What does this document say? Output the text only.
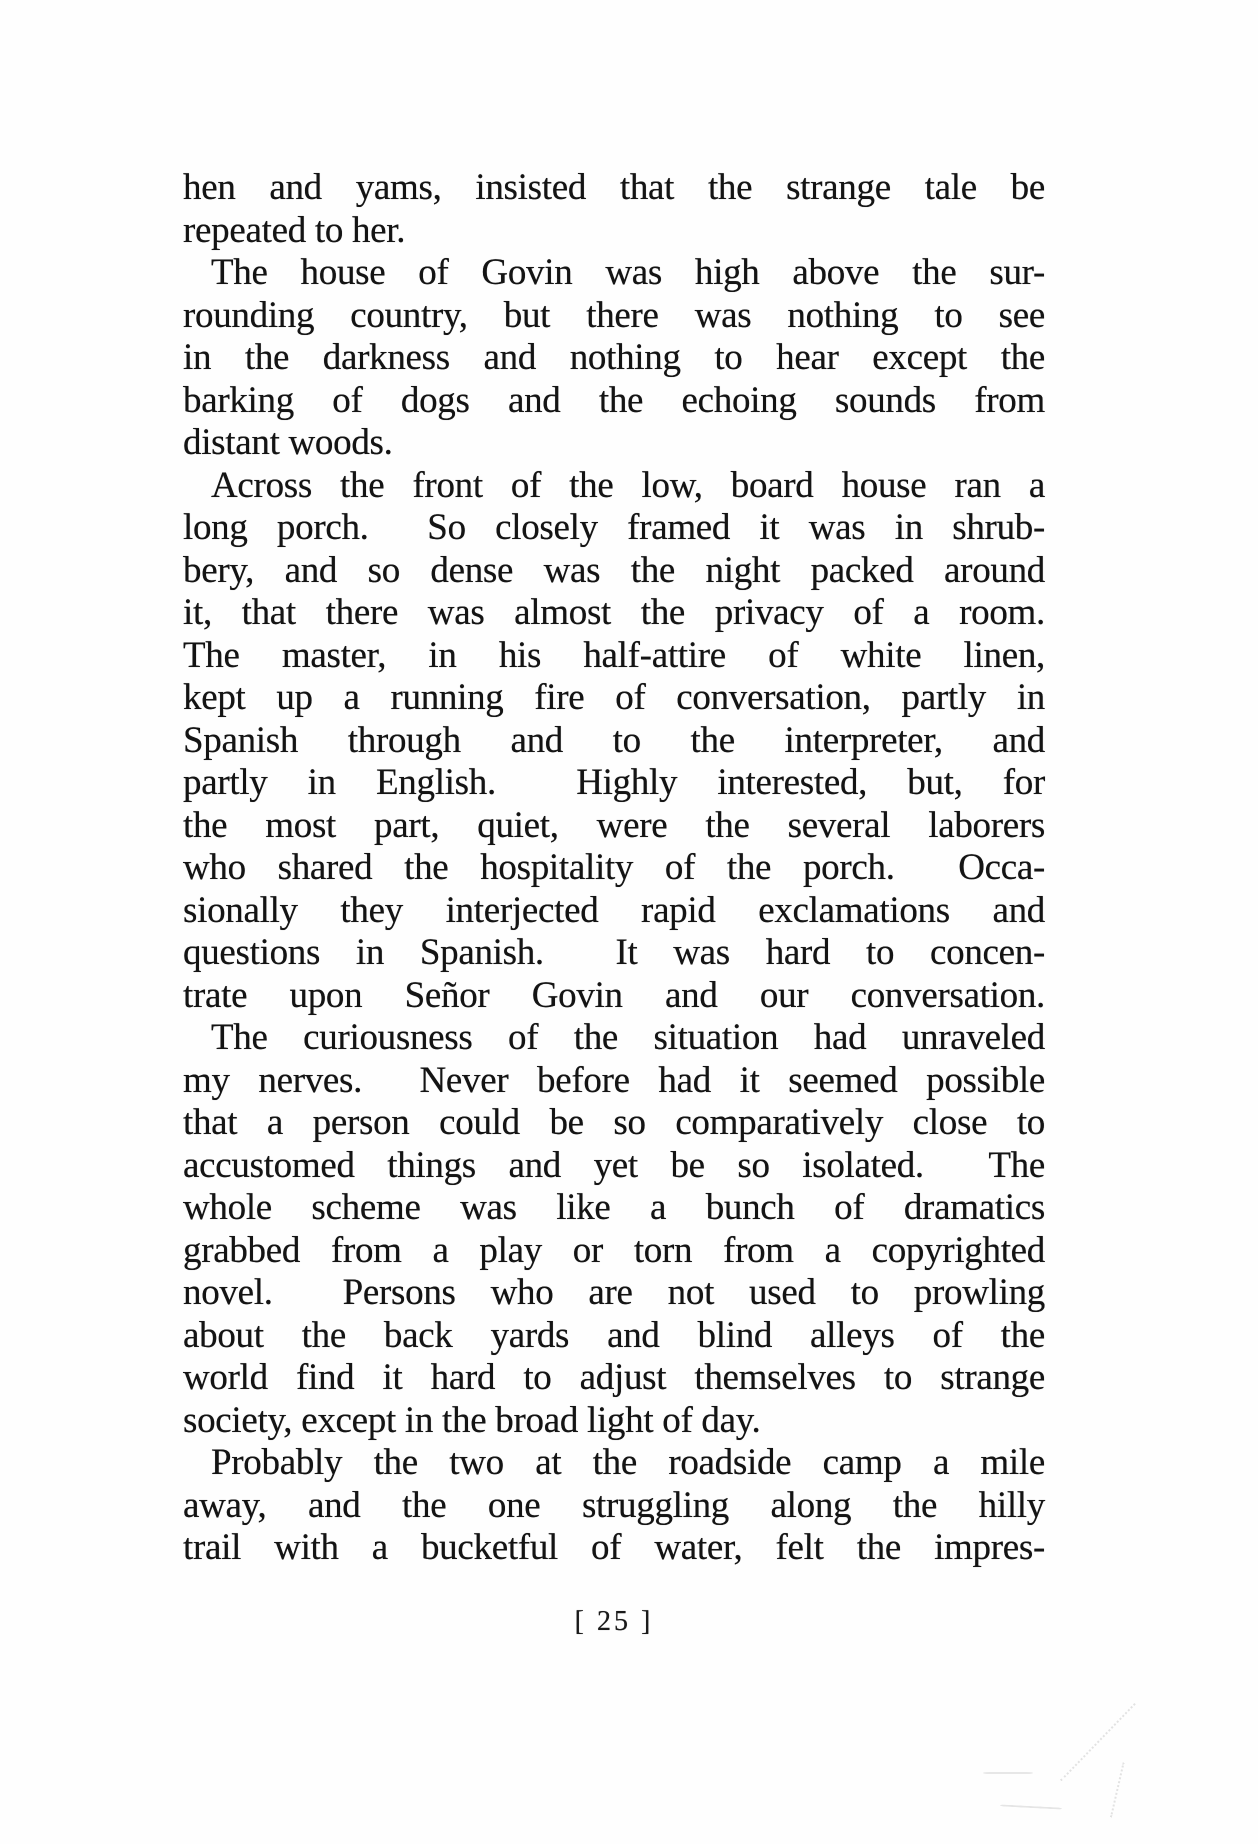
hen and yams, insisted that the strange tale be
repeated to her.
The house of Govin was high above the sur-
rounding country, but there was nothing to see
in the darkness and nothing to hear except the
barking of dogs and the echoing sounds from
distant woods.
Across the front of the low, board house ran a
long porch.  So closely framed it was in shrub-
bery, and so dense was the night packed around
it, that there was almost the privacy of a room.
The master, in his half-attire of white linen,
kept up a running fire of conversation, partly in
Spanish through and to the interpreter, and
partly in English.  Highly interested, but, for
the most part, quiet, were the several laborers
who shared the hospitality of the porch.  Occa-
sionally they interjected rapid exclamations and
questions in Spanish.  It was hard to concen-
trate upon Señor Govin and our conversation.
The curiousness of the situation had unraveled
my nerves.  Never before had it seemed possible
that a person could be so comparatively close to
accustomed things and yet be so isolated.  The
whole scheme was like a bunch of dramatics
grabbed from a play or torn from a copyrighted
novel.  Persons who are not used to prowling
about the back yards and blind alleys of the
world find it hard to adjust themselves to strange
society, except in the broad light of day.
Probably the two at the roadside camp a mile
away, and the one struggling along the hilly
trail with a bucketful of water, felt the impres-
[ 25 ]
